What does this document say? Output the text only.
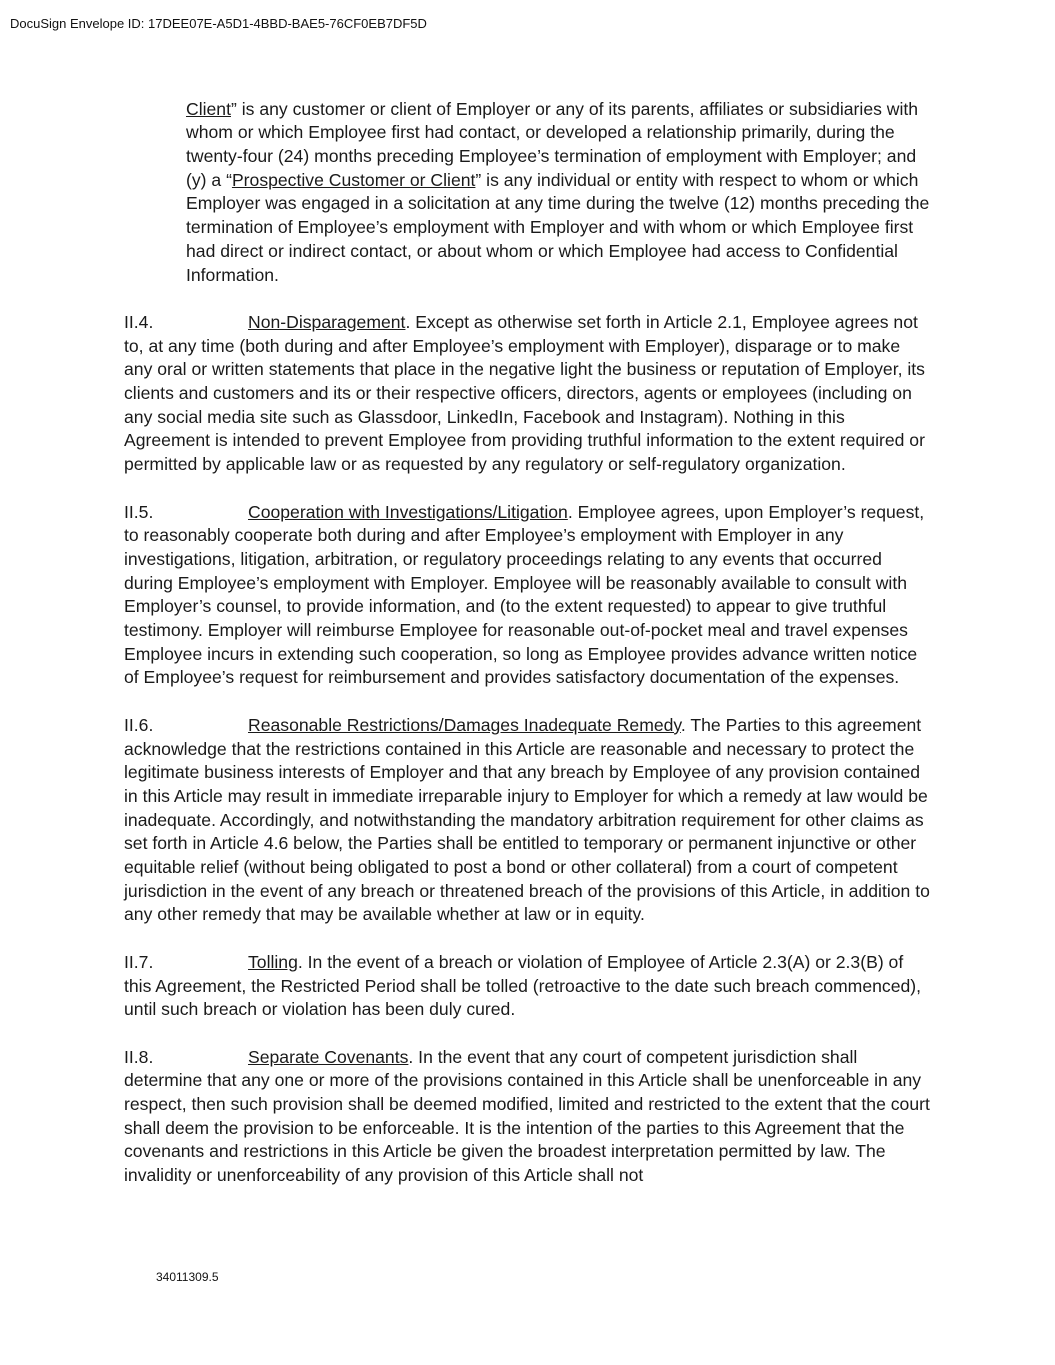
DocuSign Envelope ID: 17DEE07E-A5D1-4BBD-BAE5-76CF0EB7DF5D

Client” is any customer or client of Employer or any of its parents, affiliates or subsidiaries with whom or which Employee first had contact, or developed a relationship primarily, during the twenty-four (24) months preceding Employee’s termination of employment with Employer; and (y) a “Prospective Customer or Client” is any individual or entity with respect to whom or which Employer was engaged in a solicitation at any time during the twelve (12) months preceding the termination of Employee’s employment with Employer and with whom or which Employee first had direct or indirect contact, or about whom or which Employee had access to Confidential Information.

II.4.	Non-Disparagement. Except as otherwise set forth in Article 2.1, Employee agrees not to, at any time (both during and after Employee’s employment with Employer), disparage or to make any oral or written statements that place in the negative light the business or reputation of Employer, its clients and customers and its or their respective officers, directors, agents or employees (including on any social media site such as Glassdoor, LinkedIn, Facebook and Instagram). Nothing in this Agreement is intended to prevent Employee from providing truthful information to the extent required or permitted by applicable law or as requested by any regulatory or self-regulatory organization.

II.5.	Cooperation with Investigations/Litigation. Employee agrees, upon Employer’s request, to reasonably cooperate both during and after Employee’s employment with Employer in any investigations, litigation, arbitration, or regulatory proceedings relating to any events that occurred during Employee’s employment with Employer. Employee will be reasonably available to consult with Employer’s counsel, to provide information, and (to the extent requested) to appear to give truthful testimony. Employer will reimburse Employee for reasonable out-of-pocket meal and travel expenses Employee incurs in extending such cooperation, so long as Employee provides advance written notice of Employee’s request for reimbursement and provides satisfactory documentation of the expenses.

II.6.	Reasonable Restrictions/Damages Inadequate Remedy. The Parties to this agreement acknowledge that the restrictions contained in this Article are reasonable and necessary to protect the legitimate business interests of Employer and that any breach by Employee of any provision contained in this Article may result in immediate irreparable injury to Employer for which a remedy at law would be inadequate. Accordingly, and notwithstanding the mandatory arbitration requirement for other claims as set forth in Article 4.6 below, the Parties shall be entitled to temporary or permanent injunctive or other equitable relief (without being obligated to post a bond or other collateral) from a court of competent jurisdiction in the event of any breach or threatened breach of the provisions of this Article, in addition to any other remedy that may be available whether at law or in equity.

II.7.	Tolling. In the event of a breach or violation of Employee of Article 2.3(A) or 2.3(B) of this Agreement, the Restricted Period shall be tolled (retroactive to the date such breach commenced), until such breach or violation has been duly cured.

II.8.	Separate Covenants. In the event that any court of competent jurisdiction shall determine that any one or more of the provisions contained in this Article shall be unenforceable in any respect, then such provision shall be deemed modified, limited and restricted to the extent that the court shall deem the provision to be enforceable. It is the intention of the parties to this Agreement that the covenants and restrictions in this Article be given the broadest interpretation permitted by law. The invalidity or unenforceability of any provision of this Article shall not

34011309.5
